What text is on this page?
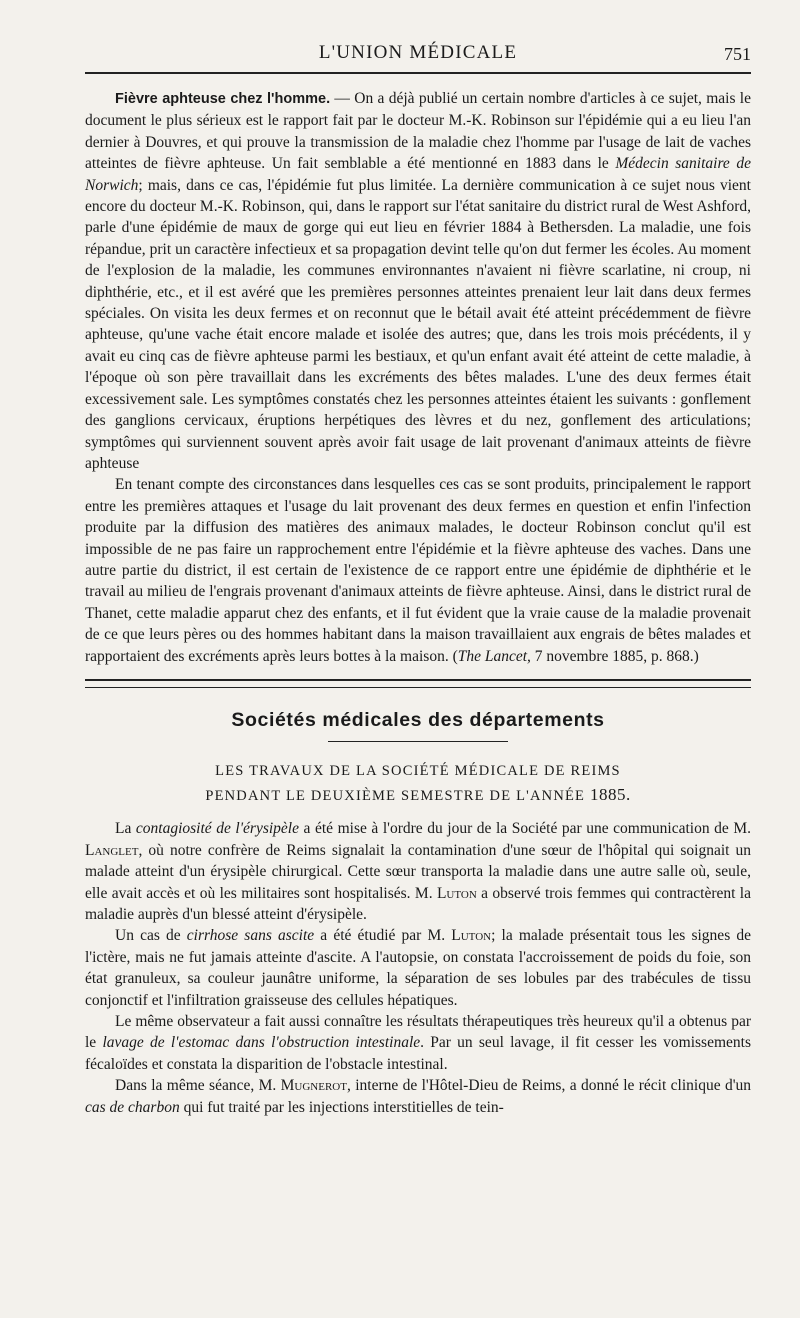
L'UNION MÉDICALE	751

Fièvre aphteuse chez l'homme. — On a déjà publié un certain nombre d'articles à ce sujet, mais le document le plus sérieux est le rapport fait par le docteur M.-K. Robinson sur l'épidémie qui a eu lieu l'an dernier à Douvres, et qui prouve la transmission de la maladie chez l'homme par l'usage de lait de vaches atteintes de fièvre aphteuse. Un fait semblable a été mentionné en 1883 dans le Médecin sanitaire de Norwich; mais, dans ce cas, l'épidémie fut plus limitée. La dernière communication à ce sujet nous vient encore du docteur M.-K. Robinson, qui, dans le rapport sur l'état sanitaire du district rural de West Ashford, parle d'une épidémie de maux de gorge qui eut lieu en février 1884 à Bethersden. La maladie, une fois répandue, prit un caractère infectieux et sa propagation devint telle qu'on dut fermer les écoles. Au moment de l'explosion de la maladie, les communes environnantes n'avaient ni fièvre scarlatine, ni croup, ni diphthérie, etc., et il est avéré que les premières personnes atteintes prenaient leur lait dans deux fermes spéciales. On visita les deux fermes et on reconnut que le bétail avait été atteint précédemment de fièvre aphteuse, qu'une vache était encore malade et isolée des autres; que, dans les trois mois précédents, il y avait eu cinq cas de fièvre aphteuse parmi les bestiaux, et qu'un enfant avait été atteint de cette maladie, à l'époque où son père travaillait dans les excréments des bêtes malades. L'une des deux fermes était excessivement sale. Les symptômes constatés chez les personnes atteintes étaient les suivants : gonflement des ganglions cervicaux, éruptions herpétiques des lèvres et du nez, gonflement des articulations; symptômes qui surviennent souvent après avoir fait usage de lait provenant d'animaux atteints de fièvre aphteuse

En tenant compte des circonstances dans lesquelles ces cas se sont produits, principalement le rapport entre les premières attaques et l'usage du lait provenant des deux fermes en question et enfin l'infection produite par la diffusion des matières des animaux malades, le docteur Robinson conclut qu'il est impossible de ne pas faire un rapprochement entre l'épidémie et la fièvre aphteuse des vaches. Dans une autre partie du district, il est certain de l'existence de ce rapport entre une épidémie de diphthérie et le travail au milieu de l'engrais provenant d'animaux atteints de fièvre aphteuse. Ainsi, dans le district rural de Thanet, cette maladie apparut chez des enfants, et il fut évident que la vraie cause de la maladie provenait de ce que leurs pères ou des hommes habitant dans la maison travaillaient aux engrais de bêtes malades et rapportaient des excréments après leurs bottes à la maison. (The Lancet, 7 novembre 1885, p. 868.)

Sociétés médicales des départements
LES TRAVAUX DE LA SOCIÉTÉ MÉDICALE DE REIMS
PENDANT LE DEUXIÈME SEMESTRE DE L'ANNÉE 1885.

La contagiosité de l'érysipèle a été mise à l'ordre du jour de la Société par une communication de M. Langlet, où notre confrère de Reims signalait la contamination d'une sœur de l'hôpital qui soignait un malade atteint d'un érysipèle chirurgical. Cette sœur transporta la maladie dans une autre salle où, seule, elle avait accès et où les militaires sont hospitalisés. M. Luton a observé trois femmes qui contractèrent la maladie auprès d'un blessé atteint d'érysipèle.

Un cas de cirrhose sans ascite a été étudié par M. Luton; la malade présentait tous les signes de l'ictère, mais ne fut jamais atteinte d'ascite. A l'autopsie, on constata l'accroissement de poids du foie, son état granuleux, sa couleur jaunâtre uniforme, la séparation de ses lobules par des trabécules de tissu conjonctif et l'infiltration graisseuse des cellules hépatiques.

Le même observateur a fait aussi connaître les résultats thérapeutiques très heureux qu'il a obtenus par le lavage de l'estomac dans l'obstruction intestinale. Par un seul lavage, il fit cesser les vomissements fécaloïdes et constata la disparition de l'obstacle intestinal.

Dans la même séance, M. Mugnerot, interne de l'Hôtel-Dieu de Reims, a donné le récit clinique d'un cas de charbon qui fut traité par les injections interstitielles de tein-
